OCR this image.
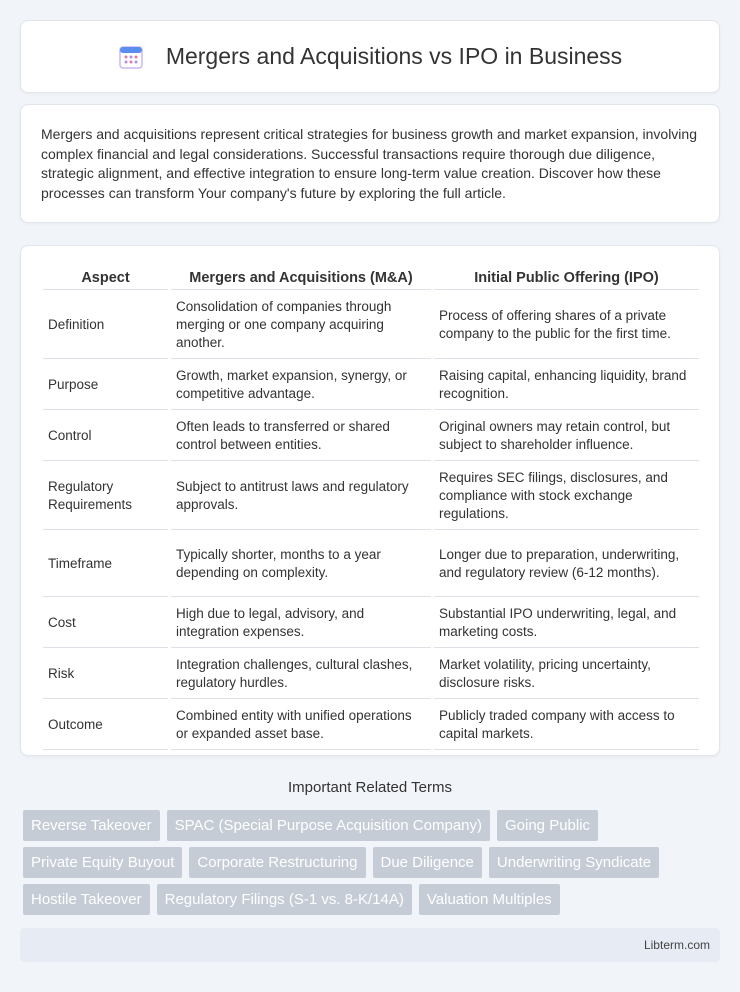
Mergers and Acquisitions vs IPO in Business

Mergers and acquisitions represent critical strategies for business growth and market expansion, involving complex financial and legal considerations. Successful transactions require thorough due diligence, strategic alignment, and effective integration to ensure long-term value creation. Discover how these processes can transform Your company's future by exploring the full article.

Aspect	Mergers and Acquisitions (M&A)	Initial Public Offering (IPO)
Definition	Consolidation of companies through merging or one company acquiring another.	Process of offering shares of a private company to the public for the first time.
Purpose	Growth, market expansion, synergy, or competitive advantage.	Raising capital, enhancing liquidity, brand recognition.
Control	Often leads to transferred or shared control between entities.	Original owners may retain control, but subject to shareholder influence.
Regulatory Requirements	Subject to antitrust laws and regulatory approvals.	Requires SEC filings, disclosures, and compliance with stock exchange regulations.
Timeframe	Typically shorter, months to a year depending on complexity.	Longer due to preparation, underwriting, and regulatory review (6-12 months).
Cost	High due to legal, advisory, and integration expenses.	Substantial IPO underwriting, legal, and marketing costs.
Risk	Integration challenges, cultural clashes, regulatory hurdles.	Market volatility, pricing uncertainty, disclosure risks.
Outcome	Combined entity with unified operations or expanded asset base.	Publicly traded company with access to capital markets.
Important Related Terms
Reverse Takeover	SPAC (Special Purpose Acquisition Company)	Going Public
Private Equity Buyout	Corporate Restructuring	Due Diligence	Underwriting Syndicate
Hostile Takeover	Regulatory Filings (S-1 vs. 8-K/14A)	Valuation Multiples
Libterm.com
